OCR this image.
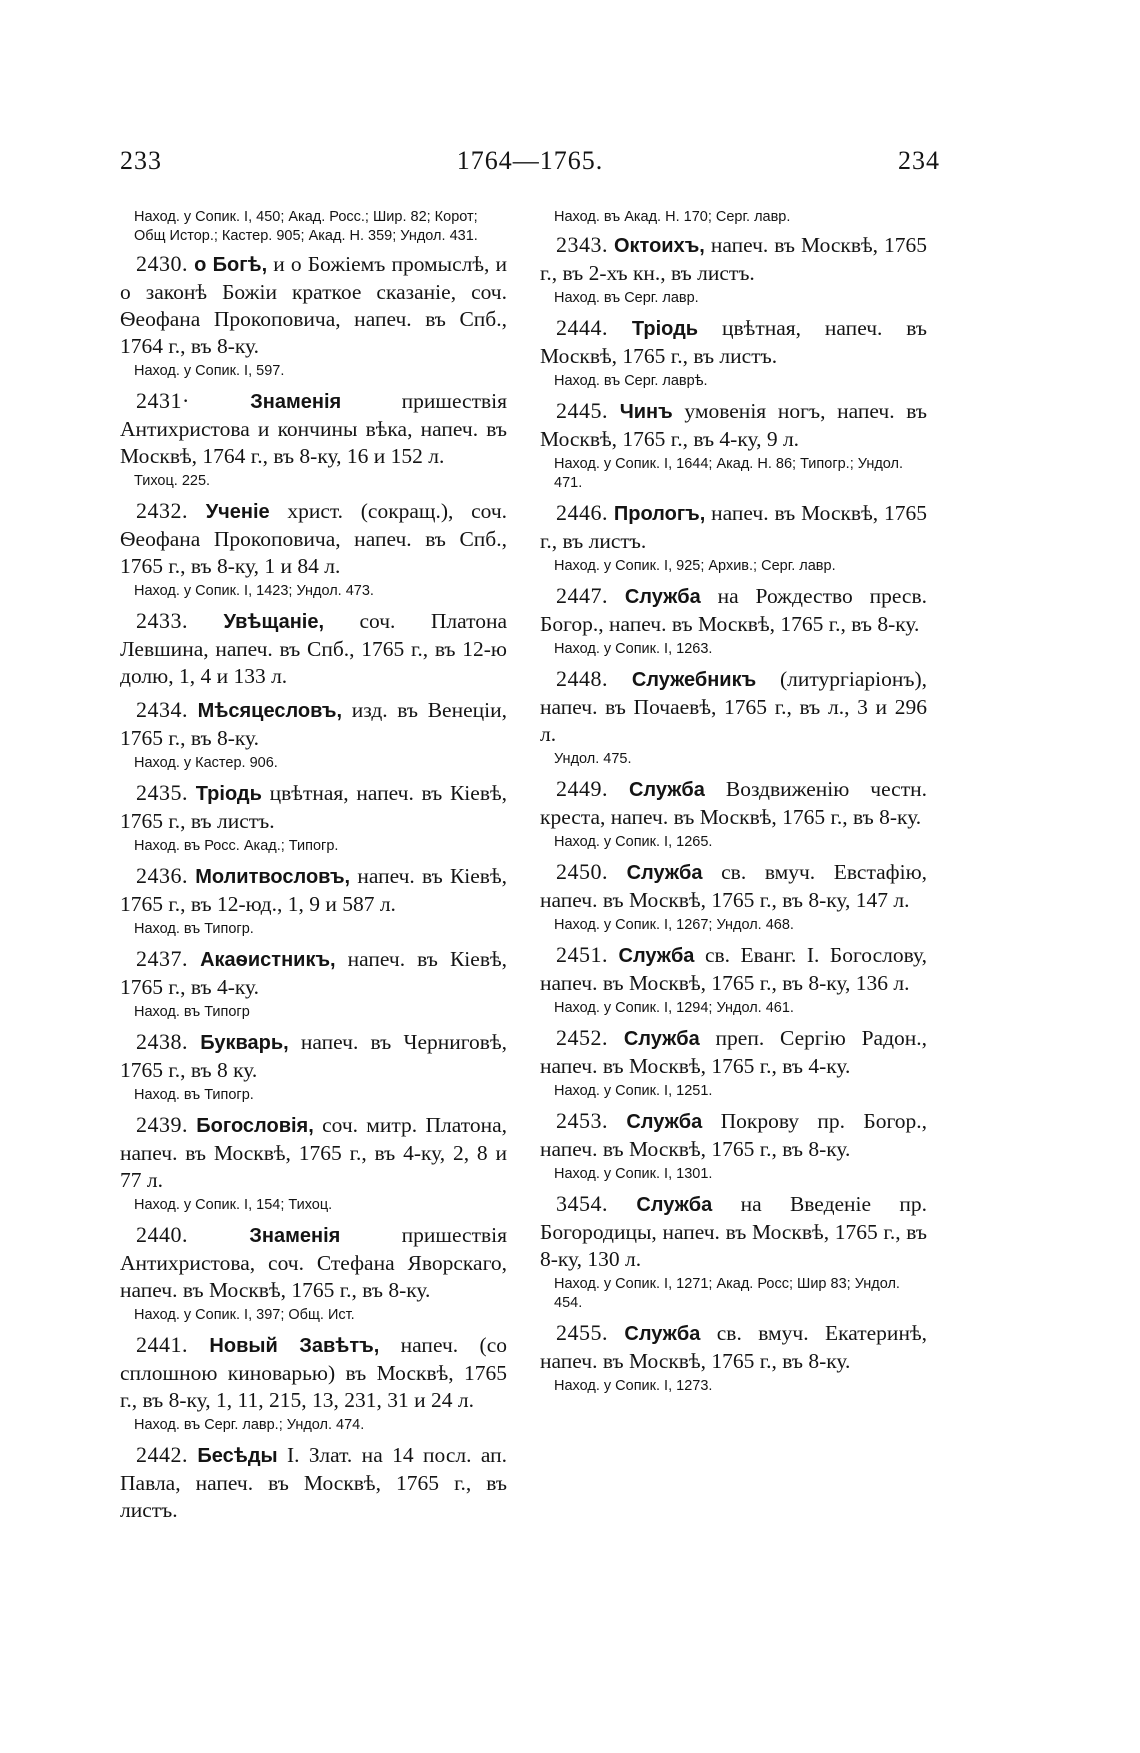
233	1764—1765.	234
Наход. у Сопик. I, 450; Акад. Росс.; Шир. 82; Корот; Общ Истор.; Кастер. 905; Акад. Н. 359; Ундол. 431.
2430. о Богѣ, и о Божіемъ промыслѣ, и о законѣ Божіи краткое сказаніе, соч. Ѳеофана Прокоповича, напеч. въ Спб., 1764 г., въ 8-ку.
Наход. у Сопик. I, 597.
2431·	Знаменія	пришествія Антихристова и кончины вѣка, напеч. въ Москвѣ, 1764 г., въ 8-ку, 16 и 152 л.
Тихоц. 225.
2432. Ученіе христ. (сокращ.), соч. Ѳеофана Прокоповича, напеч. въ Спб., 1765 г., въ 8-ку, 1 и 84 л.
Наход. у Сопик. I, 1423; Ундол. 473.
2433. Увѣщаніе, соч. Платона Левшина, напеч. въ Спб., 1765 г., въ 12-ю долю, 1, 4 и 133 л.
2434. Мѣсяцесловъ, изд. въ Венеціи, 1765 г., въ 8-ку.
Наход. у Кастер. 906.
2435. Тріодь цвѣтная, напеч. въ Кіевѣ, 1765 г., въ листъ.
Наход. въ Росс. Акад.; Типогр.
2436. Молитвословъ, напеч. въ Кіевѣ, 1765 г., въ 12-юд., 1, 9 и 587 л.
Наход. въ Типогр.
2437. Акаѳистникъ, напеч. въ Кіевѣ, 1765 г., въ 4-ку.
Наход. въ Типогр
2438. Букварь, напеч. въ Черниговѣ, 1765 г., въ 8 ку.
Наход. въ Типогр.
2439. Богословія, соч. митр. Платона, напеч. въ Москвѣ, 1765 г., въ 4-ку, 2, 8 и 77 л.
Наход. у Сопик. I, 154; Тихоц.
2440.	Знаменія	пришествія Антихристова, соч. Стефана Яворскаго, напеч. въ Москвѣ, 1765 г., въ 8-ку.
Наход. у Сопик. I, 397; Общ. Ист.
2441. Новый Завѣтъ, напеч. (со сплошною киноварью) въ Москвѣ, 1765 г., въ 8-ку, 1, 11, 215, 13, 231, 31 и 24 л.
Наход. въ Серг. лавр.; Ундол. 474.
2442. Бесѣды I. Злат. на 14 посл. ап. Павла, напеч. въ Москвѣ, 1765 г., въ листъ.
Наход. въ Акад. Н. 170; Серг. лавр.
2343. Октоихъ, напеч. въ Москвѣ, 1765 г., въ 2-хъ кн., въ листъ.
Наход. въ Серг. лавр.
2444. Тріодь цвѣтная, напеч. въ Москвѣ, 1765 г., въ листъ.
Наход. въ Серг. лаврѣ.
2445. Чинъ умовенія ногъ, напеч. въ Москвѣ, 1765 г., въ 4-ку, 9 л.
Наход. у Сопик. I, 1644; Акад. Н. 86; Типогр.; Ундол. 471.
2446. Прологъ, напеч. въ Москвѣ, 1765 г., въ листъ.
Наход. у Сопик. I, 925; Архив.; Серг. лавр.
2447. Служба на Рождество пресв. Богор., напеч. въ Москвѣ, 1765 г., въ 8-ку.
Наход. у Сопик. I, 1263.
2448. Служебникъ (литургіаріонъ), напеч. въ Почаевѣ, 1765 г., въ л., 3 и 296 л.
Ундол. 475.
2449. Служба Воздвиженію честн. креста, напеч. въ Москвѣ, 1765 г., въ 8-ку.
Наход. у Сопик. I, 1265.
2450. Служба св. вмуч. Евстафію, напеч. въ Москвѣ, 1765 г., въ 8-ку, 147 л.
Наход. у Сопик. I, 1267; Ундол. 468.
2451. Служба св. Еванг. I. Богослову, напеч. въ Москвѣ, 1765 г., въ 8-ку, 136 л.
Наход. у Сопик. I, 1294; Ундол. 461.
2452. Служба преп. Сергію Радон., напеч. въ Москвѣ, 1765 г., въ 4-ку.
Наход. у Сопик. I, 1251.
2453. Служба Покрову пр. Богор., напеч. въ Москвѣ, 1765 г., въ 8-ку.
Наход. у Сопик. I, 1301.
3454. Служба на Введеніе пр. Богородицы, напеч. въ Москвѣ, 1765 г., въ 8-ку, 130 л.
Наход. у Сопик. I, 1271; Акад. Росс; Шир 83; Ундол. 454.
2455. Служба св. вмуч. Екатеринѣ, напеч. въ Москвѣ, 1765 г., въ 8-ку.
Наход. у Сопик. I, 1273.
